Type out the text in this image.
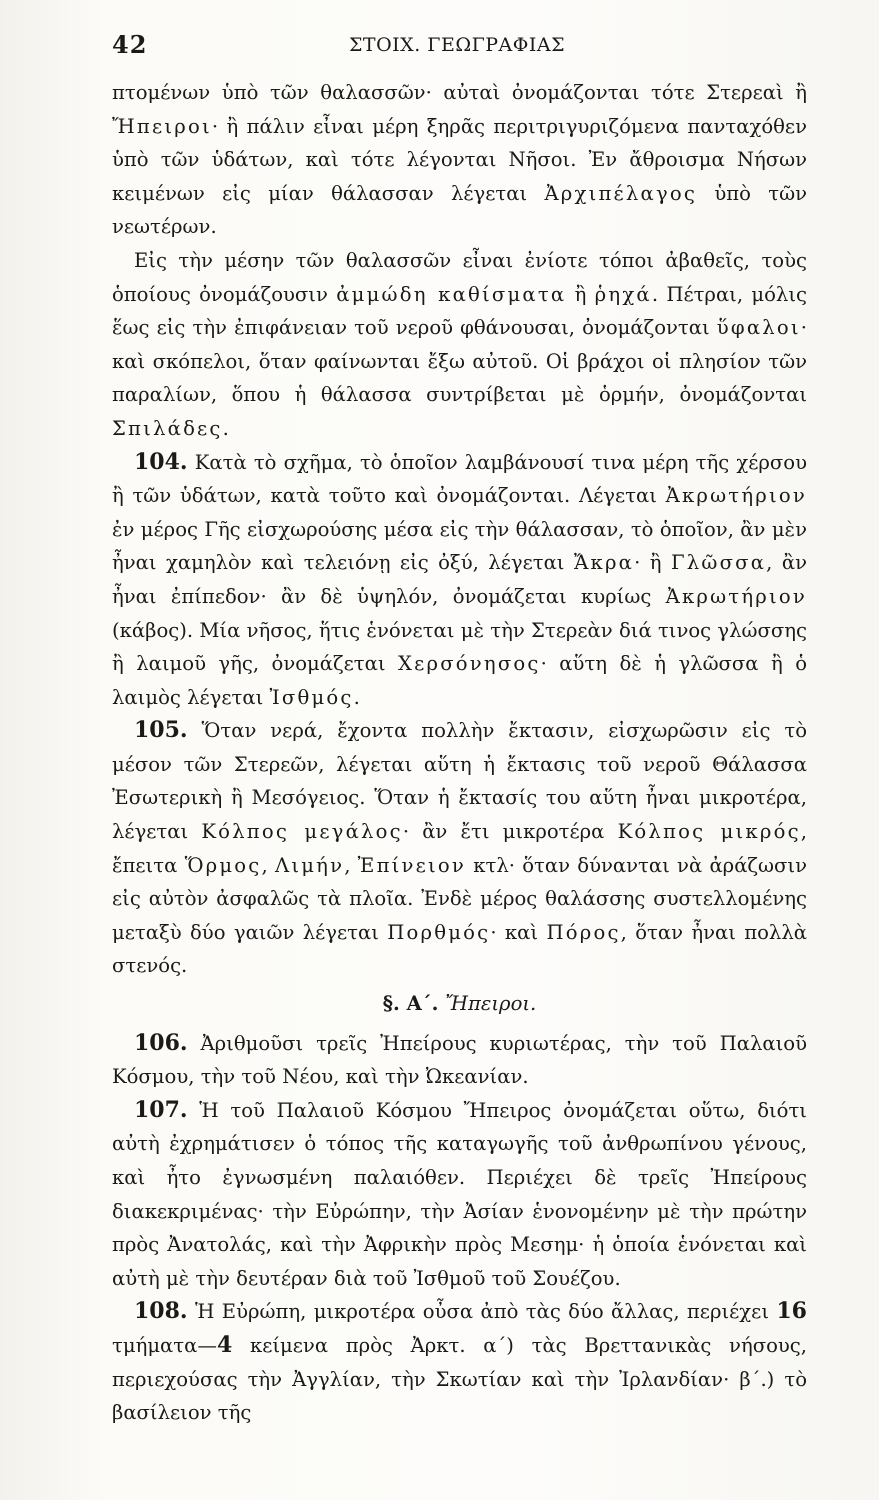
42	ΣΤΟΙΧ. ΓΕΩΓΡΑΦΙΑΣ

πτομένων ὑπὸ τῶν θαλασσῶν· αὐταὶ ὀνομάζονται τότε Στερεαὶ ἢ Ἤπειροι· ἢ πάλιν εἶναι μέρη ξηρᾶς περιτριγυριζόμενα πανταχόθεν ὑπὸ τῶν ὑδάτων, καὶ τότε λέγονται Νῆσοι. Ἐν ἄθροισμα Νήσων κειμένων εἰς μίαν θάλασσαν λέγεται Ἀρχιπέλαγος ὑπὸ τῶν νεωτέρων.

Εἰς τὴν μέσην τῶν θαλασσῶν εἶναι ἐνίοτε τόποι ἀβαθεῖς, τοὺς ὁποίους ὀνομάζουσιν ἀμμώδη καθίσματα ἢ ῥηχά. Πέτραι, μόλις ἕως εἰς τὴν ἐπιφάνειαν τοῦ νεροῦ φθάνουσαι, ὀνομάζονται ὕφαλοι· καὶ σκόπελοι, ὅταν φαίνωνται ἔξω αὐτοῦ. Οἱ βράχοι οἱ πλησίον τῶν παραλίων, ὅπου ἡ θάλασσα συντρίβεται μὲ ὁρμήν, ὀνομάζονται Σπιλάδες.

104. Κατὰ τὸ σχῆμα, τὸ ὁποῖον λαμβάνουσί τινα μέρη τῆς χέρσου ἢ τῶν ὑδάτων, κατὰ τοῦτο καὶ ὀνομάζονται. Λέγεται Ἀκρωτήριον ἐν μέρος Γῆς εἰσχωρούσης μέσα εἰς τὴν θάλασσαν, τὸ ὁποῖον, ἂν μὲν ἦναι χαμηλὸν καὶ τελειόνῃ εἰς ὀξύ, λέγεται Ἄκρα· ἢ Γλῶσσα, ἂν ἦναι ἐπίπεδον· ἂν δὲ ὑψηλόν, ὀνομάζεται κυρίως Ἀκρωτήριον (κάβος). Μία νῆσος, ἥτις ἑνόνεται μὲ τὴν Στερεὰν διά τινος γλώσσης ἢ λαιμοῦ γῆς, ὀνομάζεται Χερσόνησος· αὕτη δὲ ἡ γλῶσσα ἢ ὁ λαιμὸς λέγεται Ἰσθμός.

105. Ὅταν νερά, ἔχοντα πολλὴν ἔκτασιν, εἰσχωρῶσιν εἰς τὸ μέσον τῶν Στερεῶν, λέγεται αὕτη ἡ ἔκτασις τοῦ νεροῦ Θάλασσα Ἐσωτερικὴ ἢ Μεσόγειος. Ὅταν ἡ ἔκτασίς του αὕτη ἦναι μικροτέρα, λέγεται Κόλπος μεγάλος· ἂν ἔτι μικροτέρα Κόλπος μικρός, ἔπειτα Ὅρμος, Λιμήν, Ἐπίνειον κτλ· ὅταν δύνανται νὰ ἀράζωσιν εἰς αὐτὸν ἀσφαλῶς τὰ πλοῖα. Ἐνδὲ μέρος θαλάσσης συστελλομένης μεταξὺ δύο γαιῶν λέγεται Πορθμός· καὶ Πόρος, ὅταν ἦναι πολλὰ στενός.

§. Α΄. Ἤπειροι.

106. Ἀριθμοῦσι τρεῖς Ἠπείρους κυριωτέρας, τὴν τοῦ Παλαιοῦ Κόσμου, τὴν τοῦ Νέου, καὶ τὴν Ὠκεανίαν.

107. Ἡ τοῦ Παλαιοῦ Κόσμου Ἤπειρος ὀνομάζεται οὕτω, διότι αὐτὴ ἐχρημάτισεν ὁ τόπος τῆς καταγωγῆς τοῦ ἀνθρωπίνου γένους, καὶ ἦτο ἐγνωσμένη παλαιόθεν. Περιέχει δὲ τρεῖς Ἠπείρους διακεκριμένας· τὴν Εὐρώπην, τὴν Ἀσίαν ἑνονομένην μὲ τὴν πρώτην πρὸς Ἀνατολάς, καὶ τὴν Ἀφρικὴν πρὸς Μεσημ· ἡ ὁποία ἑνόνεται καὶ αὐτὴ μὲ τὴν δευτέραν διὰ τοῦ Ἰσθμοῦ τοῦ Σουέζου.

108. Ἡ Εὐρώπη, μικροτέρα οὖσα ἀπὸ τὰς δύο ἄλλας, περιέχει 16 τμήματα—4 κείμενα πρὸς Ἀρκτ. α΄) τὰς Βρεττανικὰς νήσους, περιεχούσας τὴν Ἀγγλίαν, τὴν Σκωτίαν καὶ τὴν Ἰρλανδίαν· β΄.) τὸ βασίλειον τῆς
